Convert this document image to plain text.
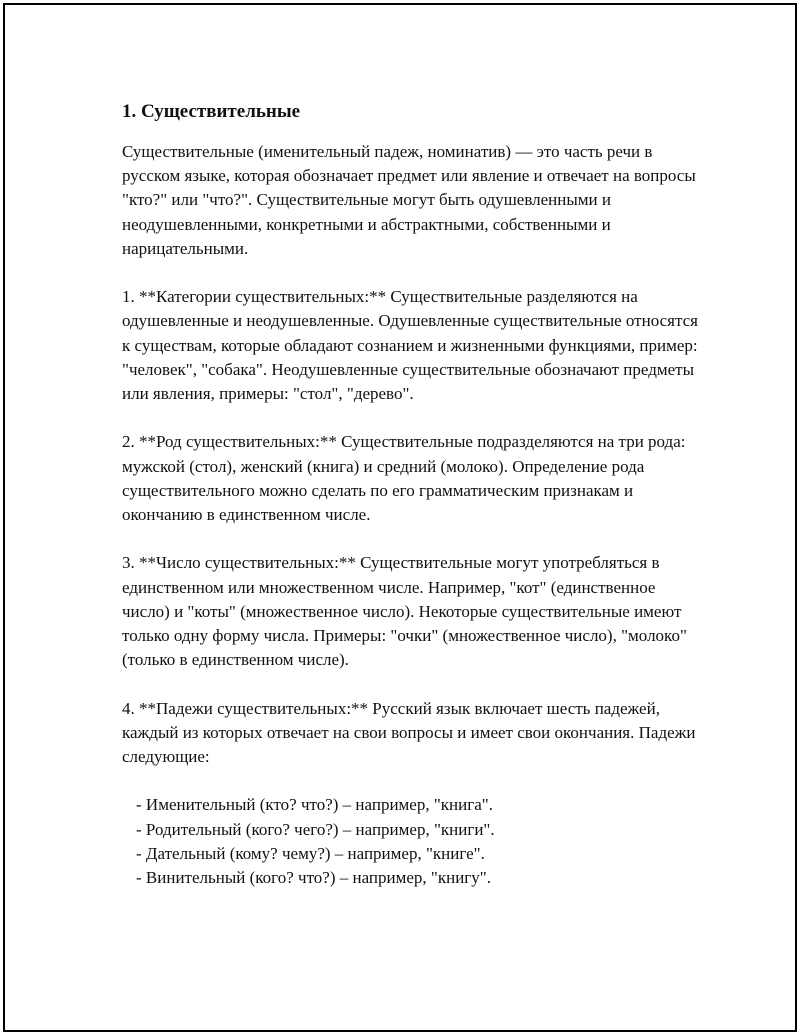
1. Существительные

Существительные (именительный падеж, номинатив) — это часть речи в русском языке, которая обозначает предмет или явление и отвечает на вопросы "кто?" или "что?". Существительные могут быть одушевленными и неодушевленными, конкретными и абстрактными, собственными и нарицательными.

1. **Категории существительных:** Существительные разделяются на одушевленные и неодушевленные. Одушевленные существительные относятся к существам, которые обладают сознанием и жизненными функциями, пример: "человек", "собака". Неодушевленные существительные обозначают предметы или явления, примеры: "стол", "дерево".

2. **Род существительных:** Существительные подразделяются на три рода: мужской (стол), женский (книга) и средний (молоко). Определение рода существительного можно сделать по его грамматическим признакам и окончанию в единственном числе.

3. **Число существительных:** Существительные могут употребляться в единственном или множественном числе. Например, "кот" (единственное число) и "коты" (множественное число). Некоторые существительные имеют только одну форму числа. Примеры: "очки" (множественное число), "молоко" (только в единственном числе).

4. **Падежи существительных:** Русский язык включает шесть падежей, каждый из которых отвечает на свои вопросы и имеет свои окончания. Падежи следующие:

- Именительный (кто? что?) – например, "книга".
- Родительный (кого? чего?) – например, "книги".
- Дательный (кому? чему?) – например, "книге".
- Винительный (кого? что?) – например, "книгу".
